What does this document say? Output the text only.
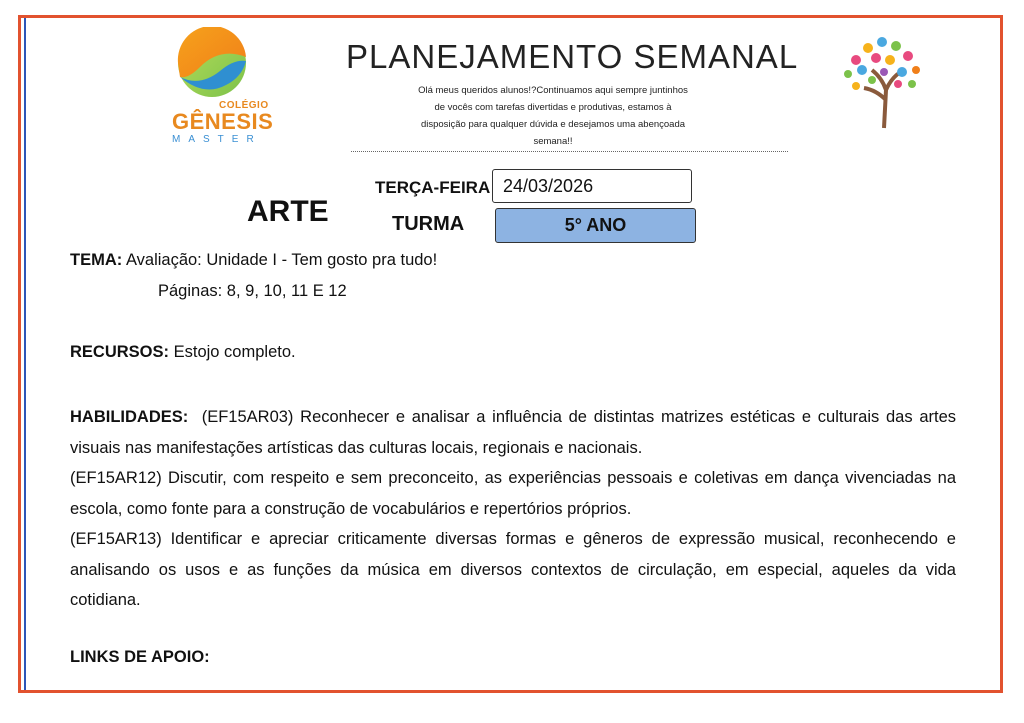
COLÉGIO
GÊNESIS
MASTER
PLANEJAMENTO SEMANAL
Olá meus queridos alunos!?Continuamos aqui sempre juntinhos
de vocês com tarefas divertidas e produtivas, estamos à
disposição para qualquer dúvida e desejamos uma abençoada
semana!!
TERÇA-FEIRA 24/03/2026
ARTE	TURMA	5° ANO
TEMA: Avaliação: Unidade I - Tem gosto pra tudo!
Páginas: 8, 9, 10, 11 E 12
RECURSOS: Estojo completo.
HABILIDADES: (EF15AR03) Reconhecer e analisar a influência de distintas matrizes estéticas e culturais das artes visuais nas manifestações artísticas das culturas locais, regionais e nacionais.
(EF15AR12) Discutir, com respeito e sem preconceito, as experiências pessoais e coletivas em dança vivenciadas na escola, como fonte para a construção de vocabulários e repertórios próprios.
(EF15AR13) Identificar e apreciar criticamente diversas formas e gêneros de expressão musical, reconhecendo e analisando os usos e as funções da música em diversos contextos de circulação, em especial, aqueles da vida cotidiana.
LINKS DE APOIO:
